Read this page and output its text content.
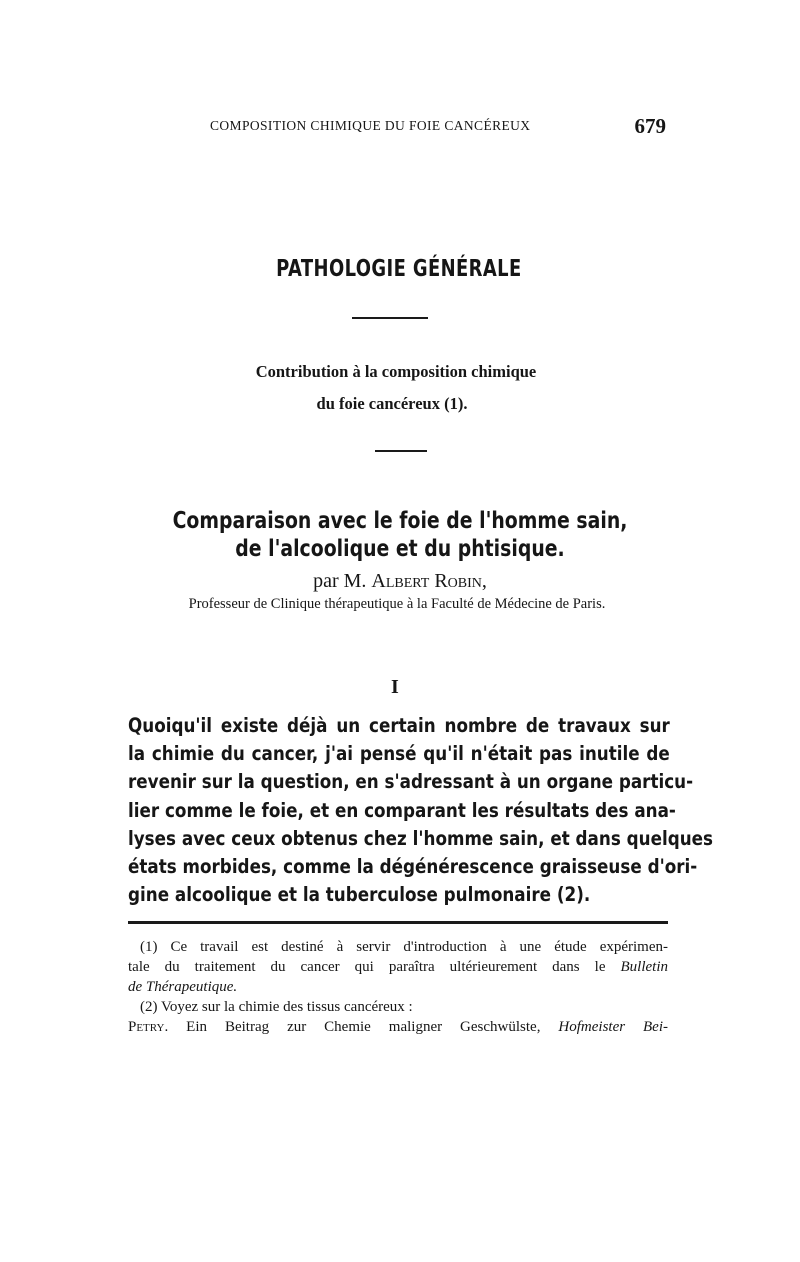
COMPOSITION CHIMIQUE DU FOIE CANCÉREUX	679
PATHOLOGIE GÉNÉRALE
Contribution à la composition chimique
du foie cancéreux (1).
Comparaison avec le foie de l'homme sain,
de l'alcoolique et du phtisique.
par M. Albert Robin,
Professeur de Clinique thérapeutique à la Faculté de Médecine de Paris.
I
Quoiqu'il existe déjà un certain nombre de travaux sur
la chimie du cancer, j'ai pensé qu'il n'était pas inutile de
revenir sur la question, en s'adressant à un organe particu-
lier comme le foie, et en comparant les résultats des ana-
lyses avec ceux obtenus chez l'homme sain, et dans quelques
états morbides, comme la dégénérescence graisseuse d'ori-
gine alcoolique et la tuberculose pulmonaire (2).
(1) Ce travail est destiné à servir d'introduction à une étude expérimen-
tale du traitement du cancer qui paraîtra ultérieurement dans le Bulletin
de Thérapeutique.
(2) Voyez sur la chimie des tissus cancéreux :
Petry. Ein Beitrag zur Chemie maligner Geschwülste, Hofmeister Bei-
